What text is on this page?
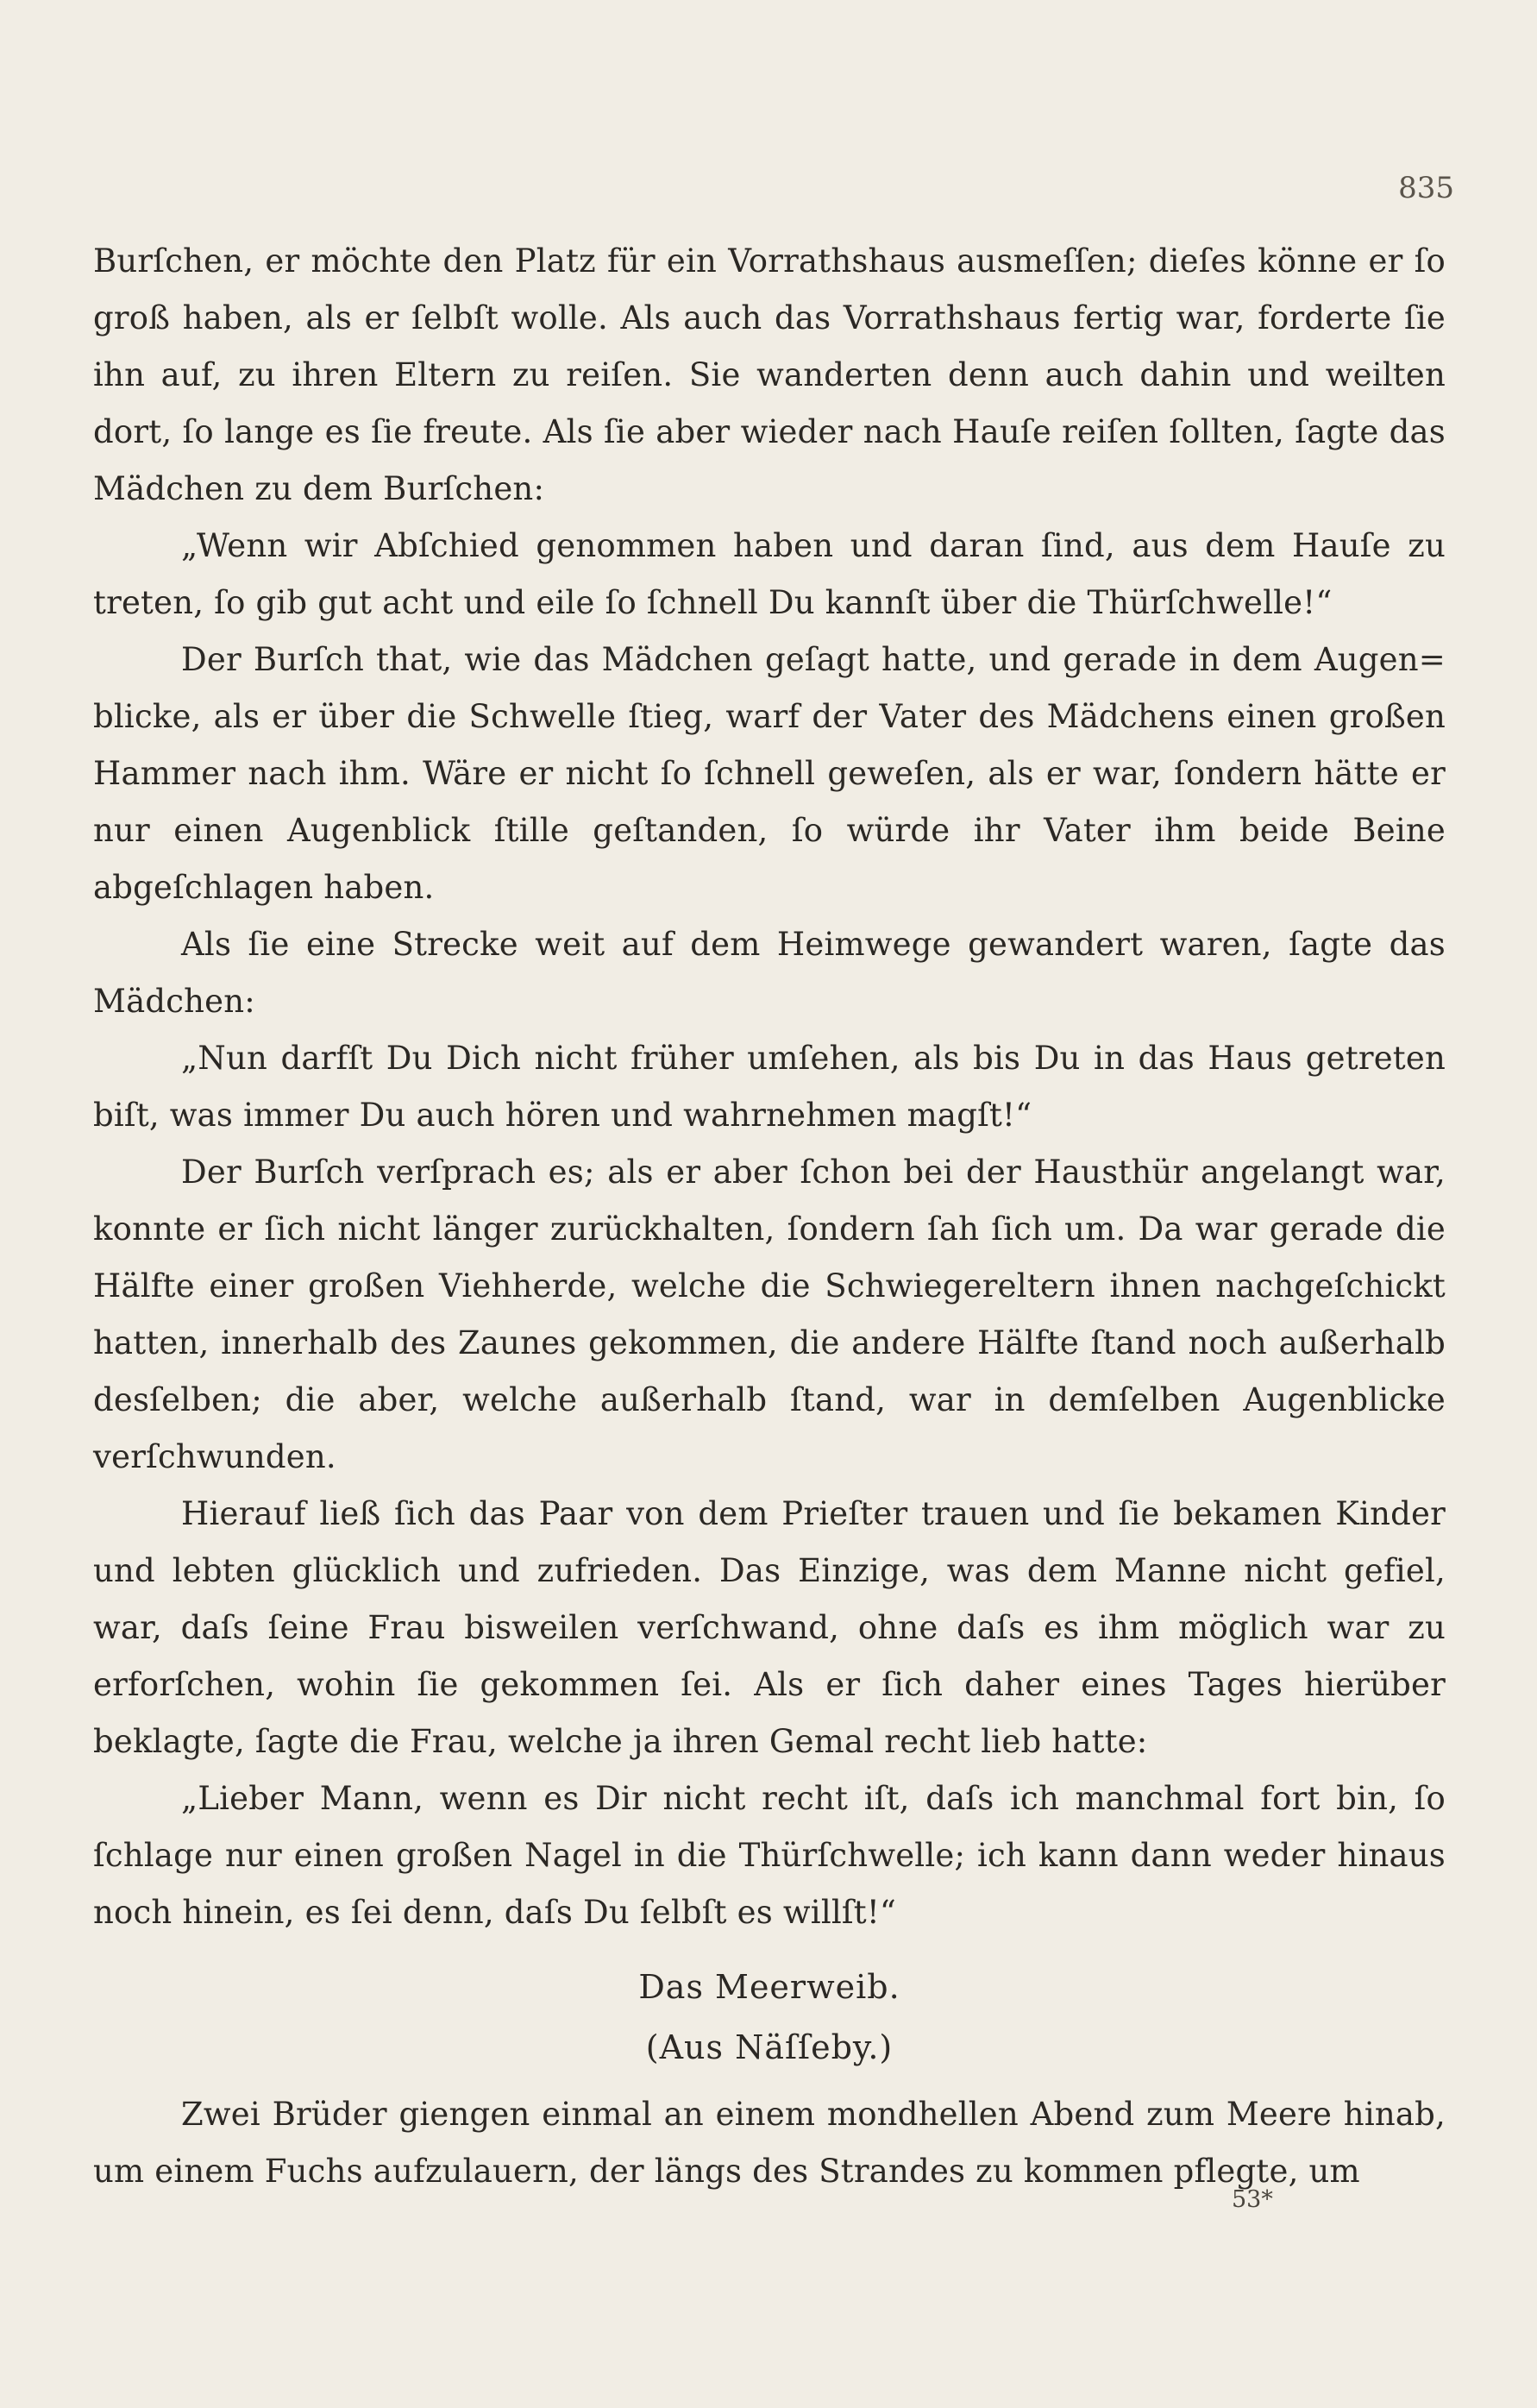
835

Burſchen, er möchte den Platz für ein Vorrathshaus ausmeſſen; dieſes könne er ſo groß haben, als er ſelbſt wolle. Als auch das Vorrathshaus fertig war, forderte ſie ihn auf, zu ihren Eltern zu reiſen. Sie wanderten denn auch dahin und weilten dort, ſo lange es ſie freute. Als ſie aber wieder nach Hauſe reiſen ſollten, ſagte das Mädchen zu dem Burſchen:

„Wenn wir Abſchied genommen haben und daran ſind, aus dem Hauſe zu treten, ſo gib gut acht und eile ſo ſchnell Du kannſt über die Thürſchwelle!“

Der Burſch that, wie das Mädchen geſagt hatte, und gerade in dem Augen= blicke, als er über die Schwelle ſtieg, warf der Vater des Mädchens einen großen Hammer nach ihm. Wäre er nicht ſo ſchnell geweſen, als er war, ſondern hätte er nur einen Augenblick ſtille geſtanden, ſo würde ihr Vater ihm beide Beine abgeſchlagen haben.

Als ſie eine Strecke weit auf dem Heimwege gewandert waren, ſagte das Mädchen:

„Nun darfſt Du Dich nicht früher umſehen, als bis Du in das Haus getreten biſt, was immer Du auch hören und wahrnehmen magſt!“

Der Burſch verſprach es; als er aber ſchon bei der Hausthür angelangt war, konnte er ſich nicht länger zurückhalten, ſondern ſah ſich um. Da war gerade die Hälfte einer großen Viehherde, welche die Schwiegereltern ihnen nachgeſchickt hatten, innerhalb des Zaunes gekommen, die andere Hälfte ſtand noch außerhalb desſelben; die aber, welche außerhalb ſtand, war in demſelben Augenblicke verſchwunden.

Hierauf ließ ſich das Paar von dem Prieſter trauen und ſie bekamen Kinder und lebten glücklich und zufrieden. Das Einzige, was dem Manne nicht gefiel, war, daſs ſeine Frau bisweilen verſchwand, ohne daſs es ihm möglich war zu erforſchen, wohin ſie gekommen ſei. Als er ſich daher eines Tages hierüber beklagte, ſagte die Frau, welche ja ihren Gemal recht lieb hatte:

„Lieber Mann, wenn es Dir nicht recht iſt, daſs ich manchmal fort bin, ſo ſchlage nur einen großen Nagel in die Thürſchwelle; ich kann dann weder hinaus noch hinein, es ſei denn, daſs Du ſelbſt es willſt!“

Das Meerweib.

(Aus Näſſeby.)

Zwei Brüder giengen einmal an einem mondhellen Abend zum Meere hinab, um einem Fuchs aufzulauern, der längs des Strandes zu kommen pflegte, um

53*
